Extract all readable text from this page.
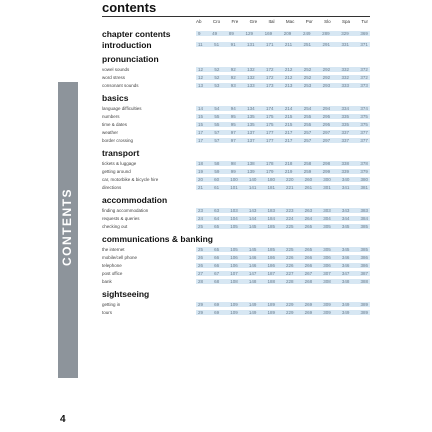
CONTENTS
4
contents
Ab	Cro	Fre	Gre	Ital	Mac	Por	Slo	Spa	Tur
chapter contents	9	49	89	129	169	209	249	289	329	369
introduction	11	51	91	131	171	211	251	291	331	371
pronunciation
vowel sounds	12	52	92	132	172	212	252	292	332	372
word stress	12	52	92	132	172	212	252	292	332	372
consonant sounds	13	53	93	133	173	213	253	293	333	373
basics
language difficulties	14	54	94	134	174	214	254	294	334	374
numbers	15	55	95	135	175	215	255	295	335	375
time & dates	15	55	95	135	175	215	255	295	335	375
weather	17	57	97	137	177	217	257	297	337	377
border crossing	17	57	97	137	177	217	257	297	337	377
transport
tickets & luggage	18	58	98	138	178	218	258	298	338	378
getting around	19	59	99	139	179	219	259	299	339	379
car, motorbike & bicycle hire	20 60 100 140 180 220 260 300 340 380
directions	21 61 101 141 181 221 261 301 341 381
accommodation
finding accommodation	23 63 103 143 183 223 263 303 343 383
requests & queries	24 64 104 144 184 224 264 304 344 384
checking out	25 65 105 145 185 225 265 305 345 385
communications & banking
the internet	25 65 105 145 185 225 265 305 345 385
mobile/cell phone	26 66 106 146 186 226 266 306 346 386
telephone	26 66 106 146 186 226 266 306 346 386
post office	27 67 107 147 187 227 267 307 347 387
bank	28 68 108 148 188 228 268 308 348 388
sightseeing
getting in	29 69 109 149 189 229 269 309 349 389
tours	29 69 109 149 189 229 269 309 349 389
